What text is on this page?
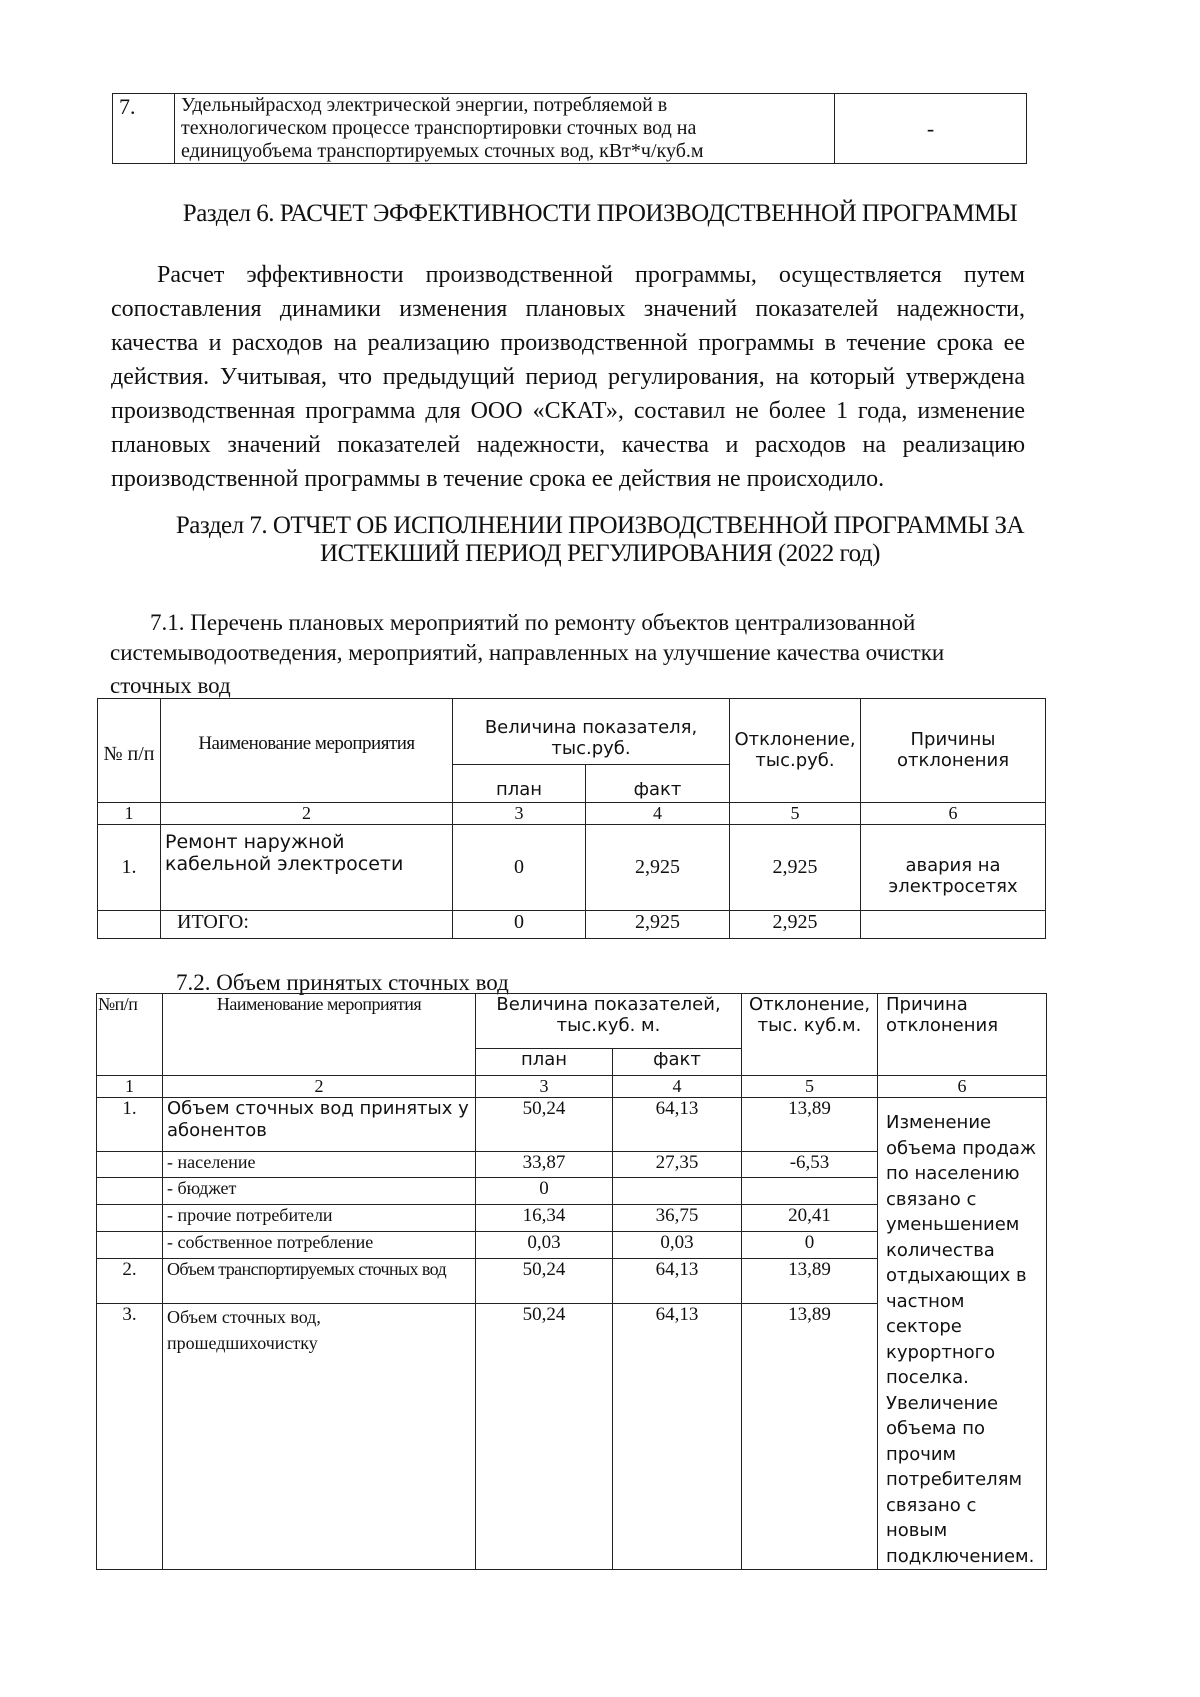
7.	Удельныйрасход электрической энергии, потребляемой в
технологическом процессе транспортировки сточных вод на
единицуобъема транспортируемых сточных вод, кВт*ч/куб.м
	-
Раздел 6. РАСЧЕТ ЭФФЕКТИВНОСТИ ПРОИЗВОДСТВЕННОЙ ПРОГРАММЫ
Расчет эффективности производственной программы, осуществляется путем сопоставления динамики изменения плановых значений показателей надежности, качества и расходов на реализацию производственной программы в течение срока ее действия. Учитывая, что предыдущий период регулирования, на который утверждена производственная программа для ООО «СКАТ», составил не более 1 года, изменение плановых значений показателей надежности, качества и расходов на реализацию производственной программы в течение срока ее действия не происходило.
Раздел 7. ОТЧЕТ ОБ ИСПОЛНЕНИИ ПРОИЗВОДСТВЕННОЙ ПРОГРАММЫ ЗА
ИСТЕКШИЙ ПЕРИОД РЕГУЛИРОВАНИЯ (2022 год)
7.1. Перечень плановых мероприятий по ремонту объектов централизованной
системыводоотведения, мероприятий, направленных на улучшение качества очистки
сточных вод
№ п/п	Наименование мероприятия	Величина показателя, тыс.руб.		Отклонение, тыс.руб.	Причины отклонения
		план	факт		
1	2	3	4	5	6
1.	Ремонт наружной кабельной электросети	0	2,925	2,925	авария на электросетях
	ИТОГО:	0	2,925	2,925	
7.2. Объем принятых сточных вод
№п/п	Наименование мероприятия	Величина показателей, тыс.куб. м.		Отклонение, тыс. куб.м.	Причина отклонения
		план	факт		
1	2	3	4	5	6
1.	Объем сточных вод принятых у абонентов	50,24	64,13	13,89	Изменение объема продаж по населению связано с уменьшением количества отдыхающих в частном секторе курортного поселка. Увеличение объема по прочим потребителям связано с новым подключением.
	- население	33,87	27,35	-6,53	
	- бюджет	0			
	- прочие потребители	16,34	36,75	20,41	
	- собственное потребление	0,03	0,03	0	
2.	Объем транспортируемых сточных вод	50,24	64,13	13,89	
3.	Объем сточных вод, прошедшихочистку	50,24	64,13	13,89	
